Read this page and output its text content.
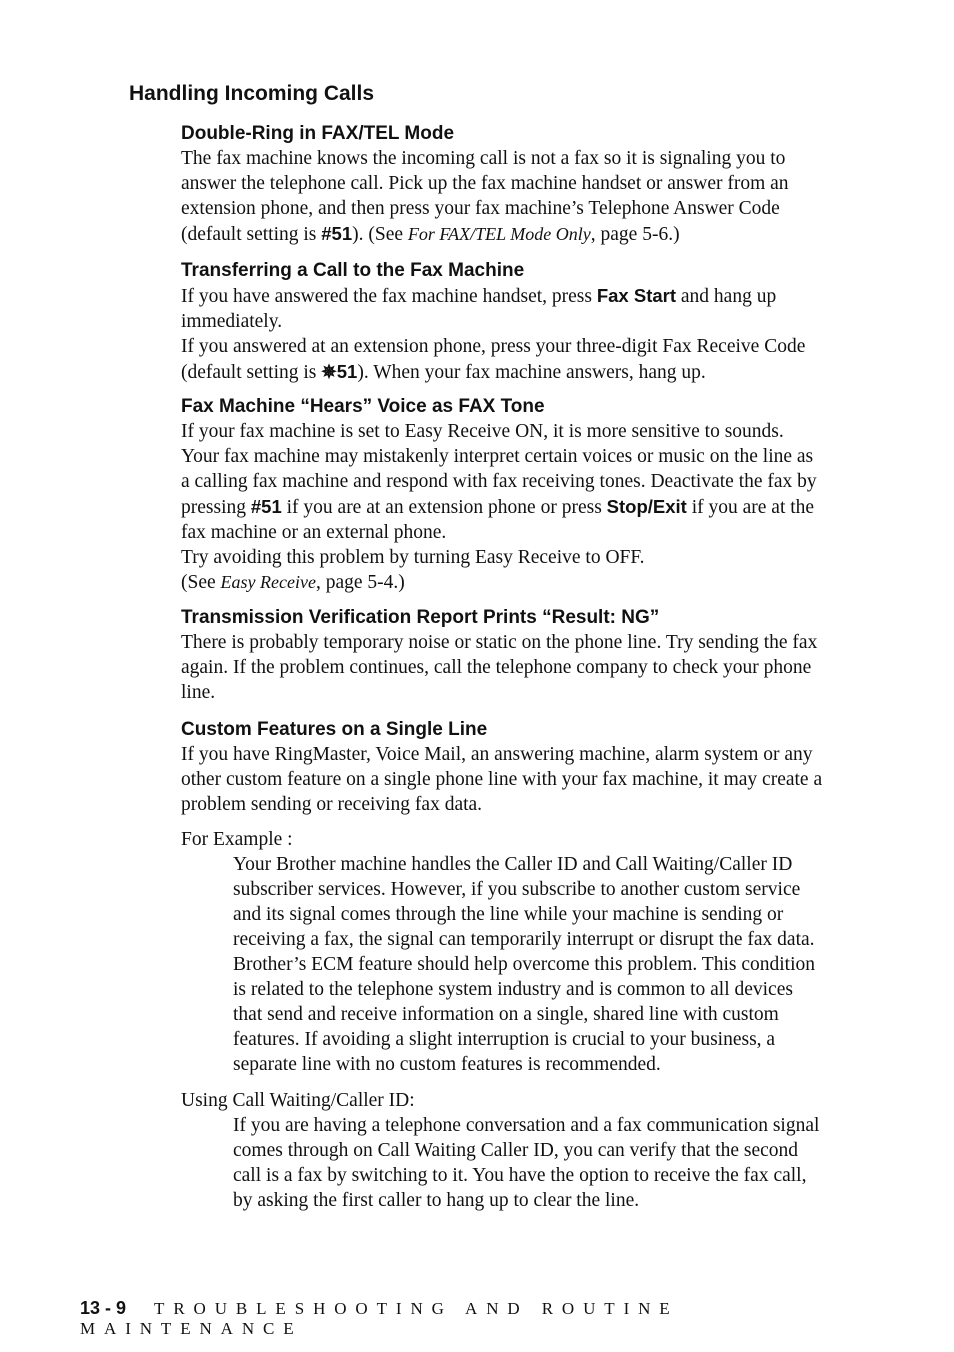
Handling Incoming Calls
Double-Ring in FAX/TEL Mode

The fax machine knows the incoming call is not a fax so it is signaling you to answer the telephone call. Pick up the fax machine handset or answer from an extension phone, and then press your fax machine’s Telephone Answer Code (default setting is #51). (See For FAX/TEL Mode Only, page 5-6.)

Transferring a Call to the Fax Machine

If you have answered the fax machine handset, press Fax Start and hang up immediately.

If you answered at an extension phone, press your three-digit Fax Receive Code (default setting is ✵51). When your fax machine answers, hang up.

Fax Machine “Hears” Voice as FAX Tone

If your fax machine is set to Easy Receive ON, it is more sensitive to sounds. Your fax machine may mistakenly interpret certain voices or music on the line as a calling fax machine and respond with fax receiving tones. Deactivate the fax by pressing #51 if you are at an extension phone or press Stop/Exit if you are at the fax machine or an external phone.

Try avoiding this problem by turning Easy Receive to OFF.

(See Easy Receive, page 5-4.)

Transmission Verification Report Prints “Result: NG”

There is probably temporary noise or static on the phone line. Try sending the fax again. If the problem continues, call the telephone company to check your phone line.

Custom Features on a Single Line

If you have RingMaster, Voice Mail, an answering machine, alarm system or any other custom feature on a single phone line with your fax machine, it may create a problem sending or receiving fax data.

For Example :

Your Brother machine handles the Caller ID and Call Waiting/Caller ID subscriber services. However, if you subscribe to another custom service and its signal comes through the line while your machine is sending or receiving a fax, the signal can temporarily interrupt or disrupt the fax data. Brother’s ECM feature should help overcome this problem. This condition is related to the telephone system industry and is common to all devices that send and receive information on a single, shared line with custom features. If avoiding a slight interruption is crucial to your business, a separate line with no custom features is recommended.

Using Call Waiting/Caller ID:

If you are having a telephone conversation and a fax communication signal comes through on Call Waiting Caller ID, you can verify that the second call is a fax by switching to it. You have the option to receive the fax call, by asking the first caller to hang up to clear the line.

13 - 9 TROUBLESHOOTING AND ROUTINE MAINTENANCE
